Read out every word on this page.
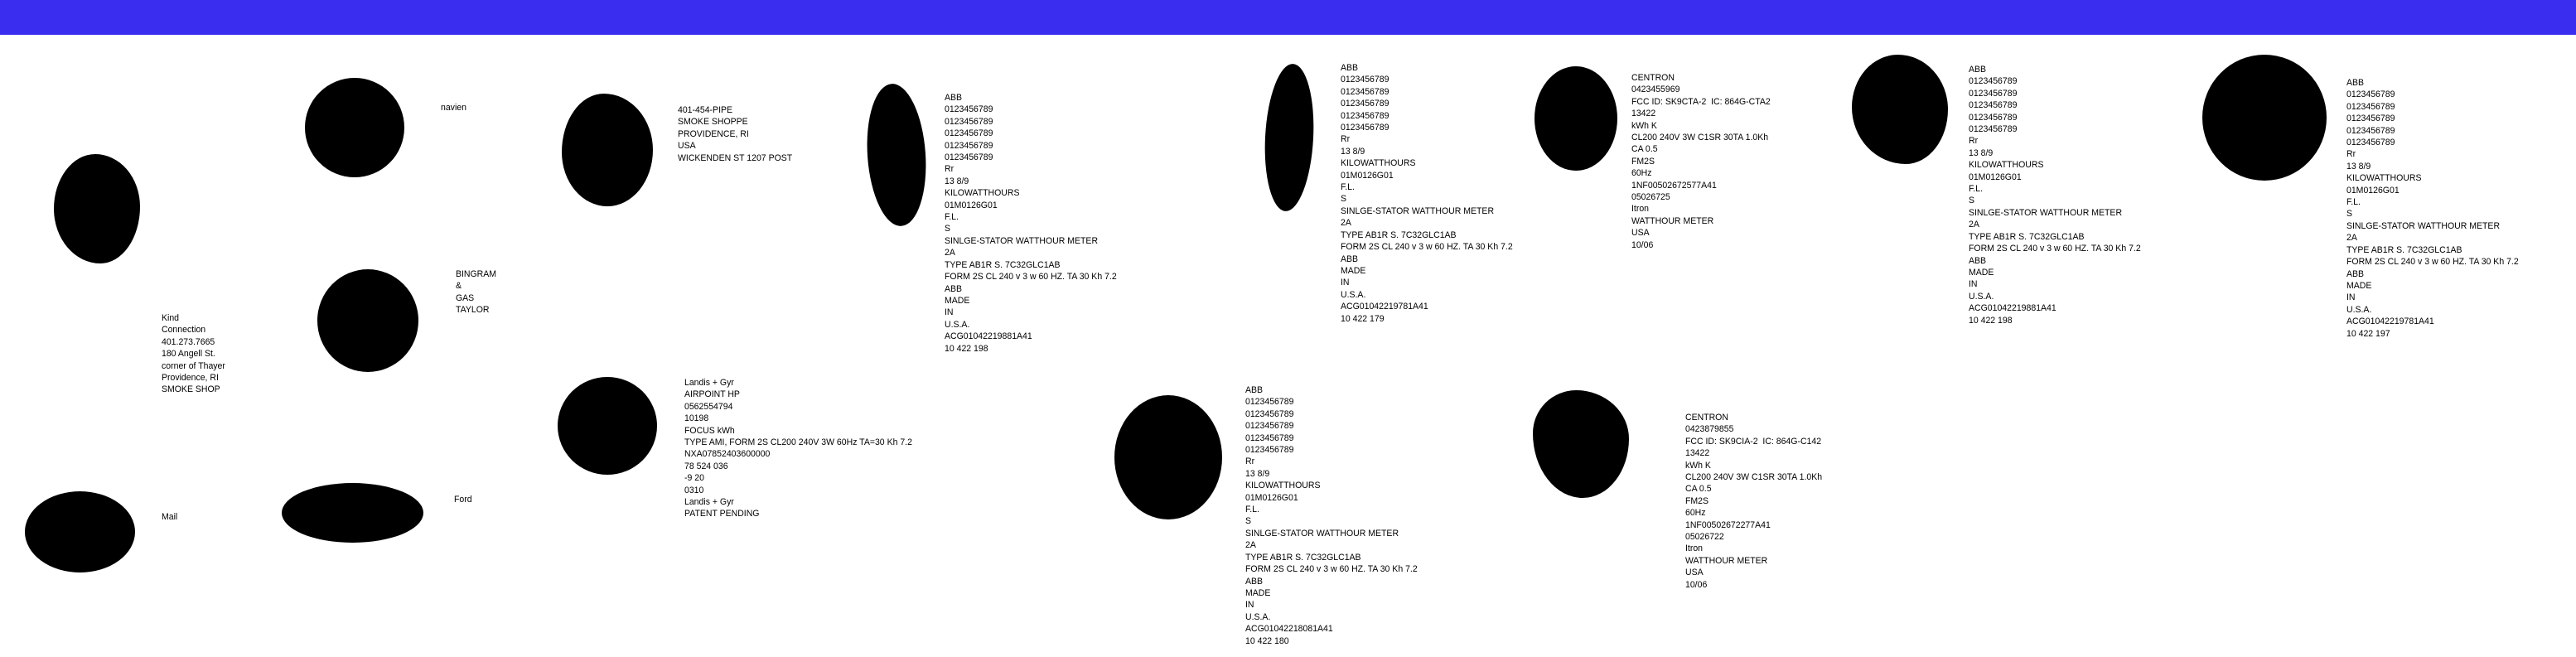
Kind
Connection
401.273.7665
180 Angell St.
corner of Thayer
Providence, RI
SMOKE SHOP
Mail
navien
BINGRAM
&
GAS
TAYLOR
Ford
401-454-PIPE
SMOKE SHOPPE
PROVIDENCE, RI
USA
WICKENDEN ST 1207 POST
Landis + Gyr
AIRPOINT HP
0562554794
10198
FOCUS kWh
TYPE AMI, FORM 2S CL200 240V 3W 60Hz TA=30 Kh 7.2
NXA07852403600000
78 524 036
-9 20
0310
Landis + Gyr
PATENT PENDING
ABB
0123456789
0123456789
0123456789
0123456789
0123456789
Rr
13 8/9
KILOWATTHOURS
01M0126G01
F.L.
S
SINLGE-STATOR WATTHOUR METER
2A
TYPE AB1R S. 7C32GLC1AB
FORM 2S CL 240 v 3 w 60 HZ. TA 30 Kh 7.2
ABB
MADE
IN
U.S.A.
ACG01042219881A41
10 422 198
ABB
0123456789
0123456789
0123456789
0123456789
0123456789
Rr
13 8/9
KILOWATTHOURS
01M0126G01
F.L.
S
SINLGE-STATOR WATTHOUR METER
2A
TYPE AB1R S. 7C32GLC1AB
FORM 2S CL 240 v 3 w 60 HZ. TA 30 Kh 7.2
ABB
MADE
IN
U.S.A.
ACG01042218081A41
10 422 180
ABB
0123456789
0123456789
0123456789
0123456789
0123456789
Rr
13 8/9
KILOWATTHOURS
01M0126G01
F.L.
S
SINLGE-STATOR WATTHOUR METER
2A
TYPE AB1R S. 7C32GLC1AB
FORM 2S CL 240 v 3 w 60 HZ. TA 30 Kh 7.2
ABB
MADE
IN
U.S.A.
ACG01042219781A41
10 422 179
CENTRON
0423455969
FCC ID: SK9CTA-2  IC: 864G-CTA2
13422
kWh K
CL200 240V 3W C1SR 30TA 1.0Kh
CA 0.5
FM2S
60Hz
1NF00502672577A41
05026725
Itron
WATTHOUR METER
USA
10/06
CENTRON
0423879855
FCC ID: SK9CIA-2  IC: 864G-C142
13422
kWh K
CL200 240V 3W C1SR 30TA 1.0Kh
CA 0.5
FM2S
60Hz
1NF00502672277A41
05026722
Itron
WATTHOUR METER
USA
10/06
ABB
0123456789
0123456789
0123456789
0123456789
0123456789
Rr
13 8/9
KILOWATTHOURS
01M0126G01
F.L.
S
SINLGE-STATOR WATTHOUR METER
2A
TYPE AB1R S. 7C32GLC1AB
FORM 2S CL 240 v 3 w 60 HZ. TA 30 Kh 7.2
ABB
MADE
IN
U.S.A.
ACG01042219881A41
10 422 198
ABB
0123456789
0123456789
0123456789
0123456789
0123456789
Rr
13 8/9
KILOWATTHOURS
01M0126G01
F.L.
S
SINLGE-STATOR WATTHOUR METER
2A
TYPE AB1R S. 7C32GLC1AB
FORM 2S CL 240 v 3 w 60 HZ. TA 30 Kh 7.2
ABB
MADE
IN
U.S.A.
ACG01042219781A41
10 422 197
